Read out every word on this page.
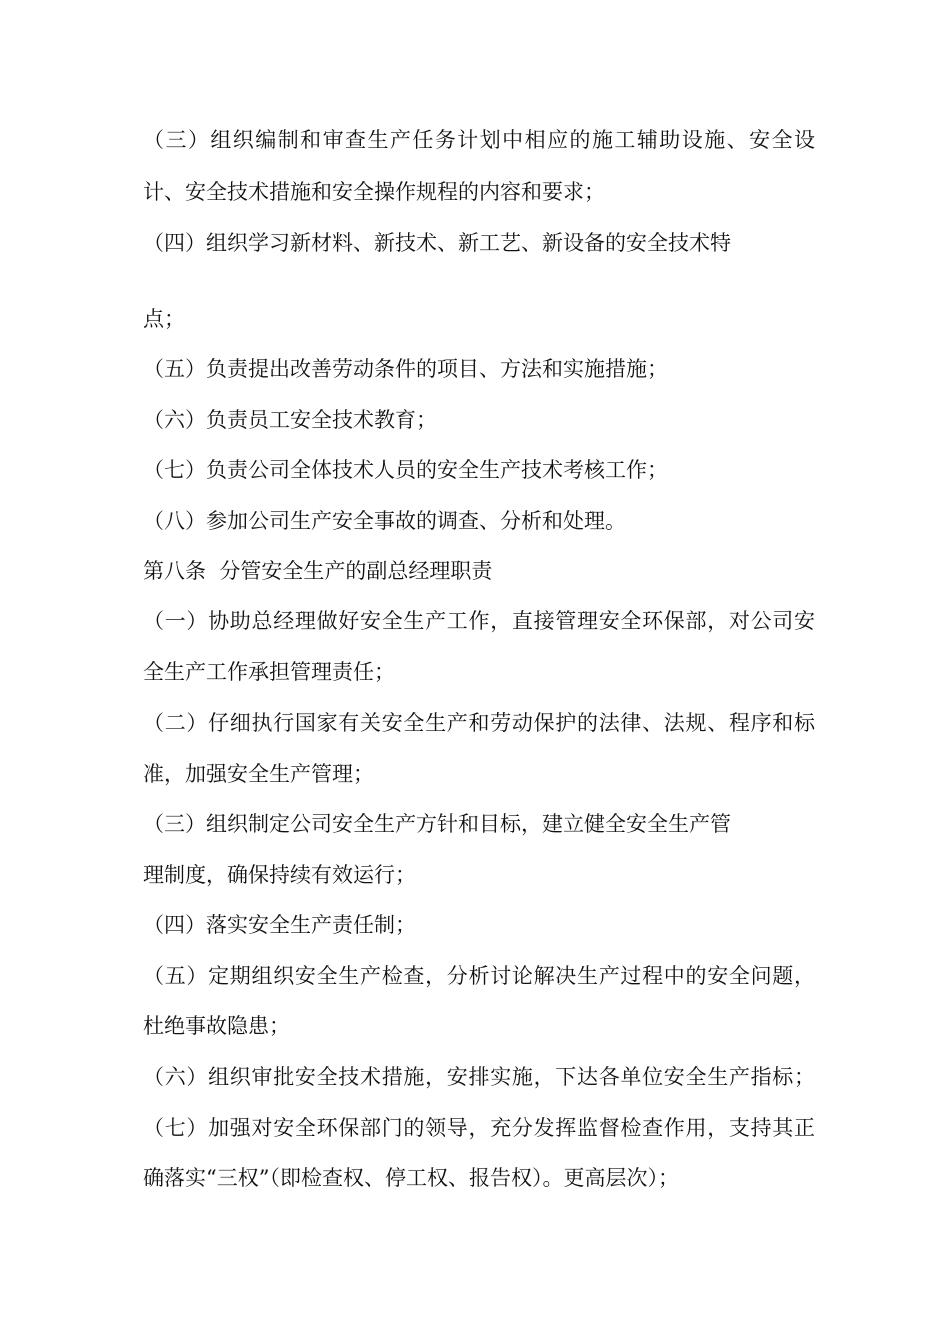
（三）组织编制和审查生产任务计划中相应的施工辅助设施、安全设
计、安全技术措施和安全操作规程的内容和要求；
（四）组织学习新材料、新技术、新工艺、新设备的安全技术特
点；
（五）负责提出改善劳动条件的项目、方法和实施措施；
（六）负责员工安全技术教育；
（七）负责公司全体技术人员的安全生产技术考核工作；
（八）参加公司生产安全事故的调查、分析和处理。
第八条  分管安全生产的副总经理职责
（一）协助总经理做好安全生产工作，直接管理安全环保部，对公司安
全生产工作承担管理责任；
（二）仔细执行国家有关安全生产和劳动保护的法律、法规、程序和标
准，加强安全生产管理；
（三）组织制定公司安全生产方针和目标，建立健全安全生产管
理制度，确保持续有效运行；
（四）落实安全生产责任制；
（五）定期组织安全生产检查，分析讨论解决生产过程中的安全问题，
杜绝事故隐患；
（六）组织审批安全技术措施，安排实施，下达各单位安全生产指标；
（七）加强对安全环保部门的领导，充分发挥监督检查作用，支持其正
确落实“三权”（即检查权、停工权、报告权）。更高层次）；
